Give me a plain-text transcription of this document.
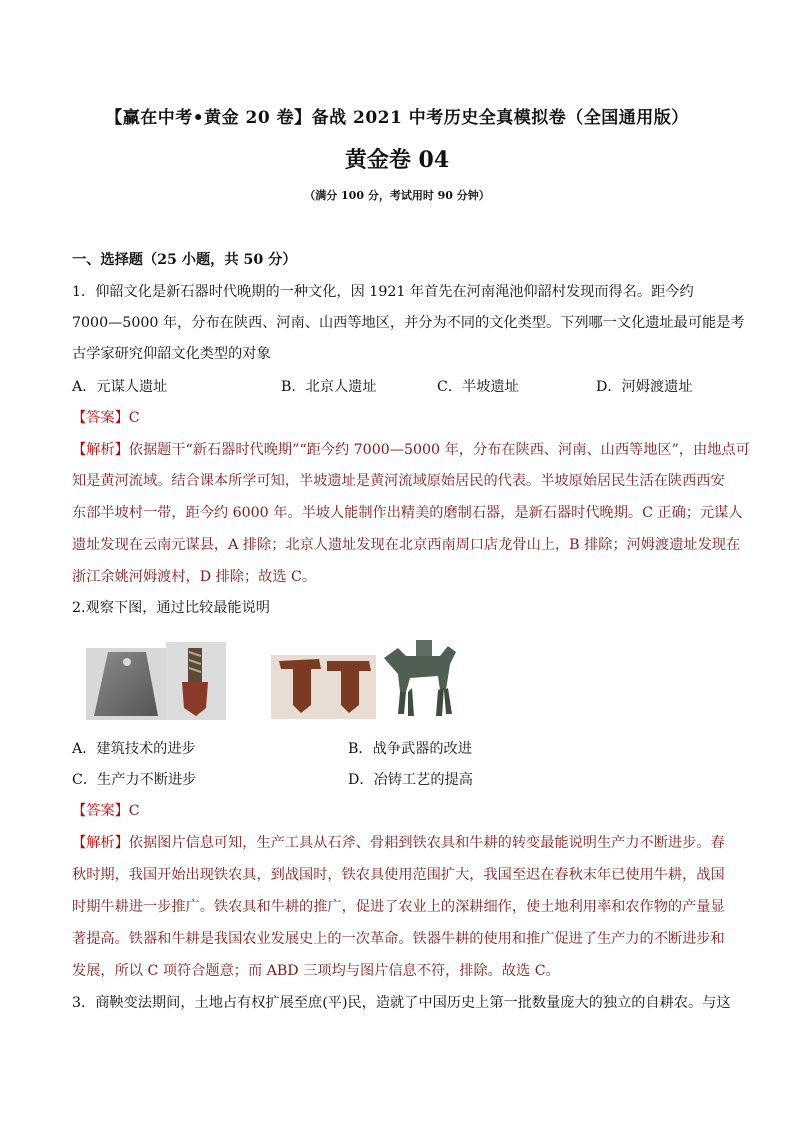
【赢在中考•黄金 20 卷】备战 2021 中考历史全真模拟卷（全国通用版）
黄金卷 04
（满分 100 分，考试用时 90 分钟）
一、选择题（25 小题，共 50 分）
1．仰韶文化是新石器时代晚期的一种文化，因 1921 年首先在河南渑池仰韶村发现而得名。距今约
7000—5000 年，分布在陕西、河南、山西等地区，并分为不同的文化类型。下列哪一文化遗址最可能是考
古学家研究仰韶文化类型的对象
A．元谋人遗址	B．北京人遗址	C．半坡遗址	D．河姆渡遗址
【答案】C
【解析】依据题干“新石器时代晚期”“距今约 7000—5000 年，分布在陕西、河南、山西等地区”，由地点可
知是黄河流域。结合课本所学可知，半坡遗址是黄河流域原始居民的代表。半坡原始居民生活在陕西西安
东部半坡村一带，距今约 6000 年。半坡人能制作出精美的磨制石器，是新石器时代晚期。C 正确；元谋人
遗址发现在云南元谋县，A 排除；北京人遗址发现在北京西南周口店龙骨山上，B 排除；河姆渡遗址发现在
浙江余姚河姆渡村，D 排除；故选 C。
2.观察下图，通过比较最能说明
A．建筑技术的进步	B．战争武器的改进
C．生产力不断进步	D．冶铸工艺的提高
【答案】C
【解析】依据图片信息可知，生产工具从石斧、骨耜到铁农具和牛耕的转变最能说明生产力不断进步。春
秋时期，我国开始出现铁农具，到战国时，铁农具使用范围扩大，我国至迟在春秋末年已使用牛耕，战国
时期牛耕进一步推广。铁农具和牛耕的推广，促进了农业上的深耕细作，使土地利用率和农作物的产量显
著提高。铁器和牛耕是我国农业发展史上的一次革命。铁器牛耕的使用和推广促进了生产力的不断进步和
发展，所以 C 项符合题意；而 ABD 三项均与图片信息不符，排除。故选 C。
3．商鞅变法期间，土地占有权扩展至庶(平)民，造就了中国历史上第一批数量庞大的独立的自耕农。与这
